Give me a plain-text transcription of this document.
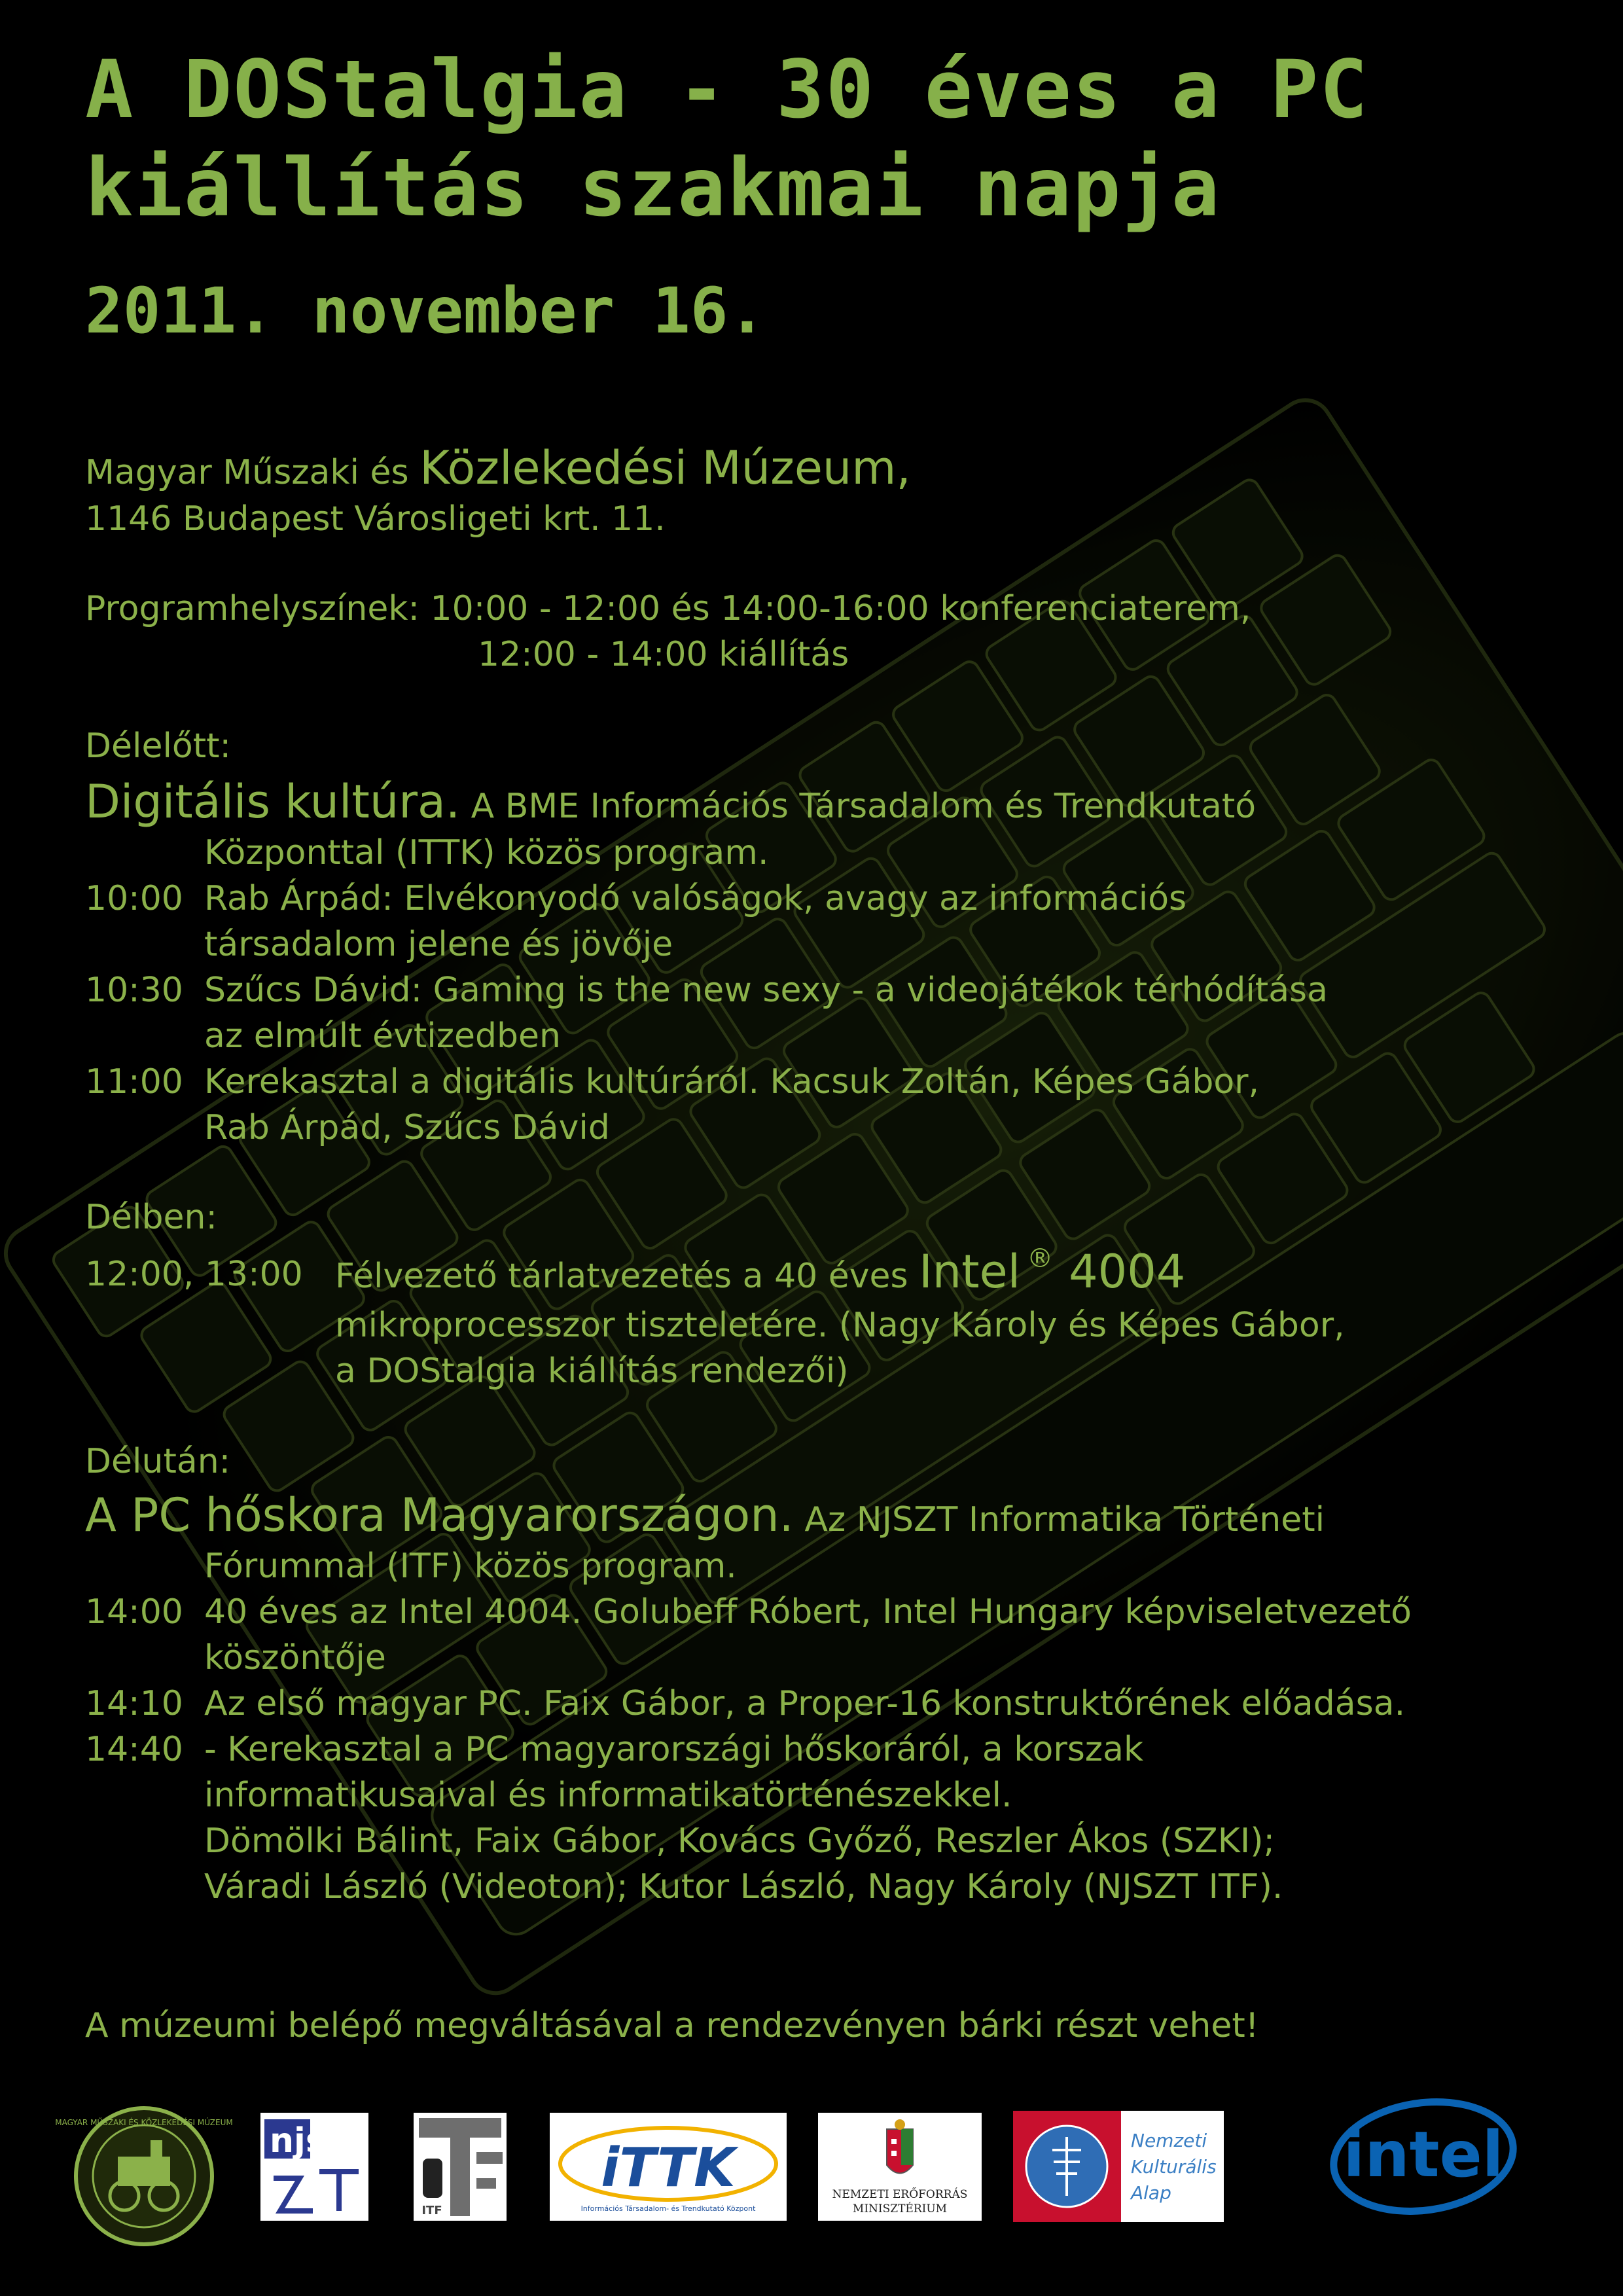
A DOStalgia - 30 éves a PC kiállítás szakmai napja
2011. november 16.
Magyar Műszaki és Közlekedési Múzeum,
1146 Budapest Városligeti krt. 11.
Programhelyszínek: 10:00 - 12:00 és 14:00-16:00 konferenciaterem,
12:00 - 14:00 kiállítás
Délelőtt:
Digitális kultúra. A BME Információs Társadalom és Trendkutató
Központtal (ITTK) közös program.
10:00 Rab Árpád: Elvékonyodó valóságok, avagy az információs
társadalom jelene és jövője
10:30 Szűcs Dávid: Gaming is the new sexy - a videojátékok térhódítása
az elmúlt évtizedben
11:00 Kerekasztal a digitális kultúráról. Kacsuk Zoltán, Képes Gábor,
Rab Árpád, Szűcs Dávid
Délben:
12:00, 13:00 Félvezető tárlatvezetés a 40 éves Intel ® 4004
mikroprocesszor tiszteletére. (Nagy Károly és Képes Gábor,
a DOStalgia kiállítás rendezői)
Délután:
A PC hőskora Magyarországon. Az NJSZT Informatika Történeti
Fórummal (ITF) közös program.
14:00 40 éves az Intel 4004. Golubeff Róbert, Intel Hungary képviseletvezető
köszöntője
14:10 Az első magyar PC. Faix Gábor, a Proper-16 konstruktőrének előadása.
14:40 - Kerekasztal a PC magyarországi hőskoráról, a korszak
informatikusaival és informatikatörténészekkel.
Dömölki Bálint, Faix Gábor, Kovács Győző, Reszler Ákos (SZKI);
Váradi László (Videoton); Kutor László, Nagy Károly (NJSZT ITF).
A múzeumi belépő megváltásával a rendezvényen bárki részt vehet!
MAGYAR MŰSZAKI ÉS KÖZLEKEDÉSI MÚZEUM njszt
ITF
iTTK
Információs Társadalom- és Trendkutató Központ
NEMZETI ERŐFORRÁS
MINISZTÉRIUM
Nemzeti
Kulturális
Alap
intel
